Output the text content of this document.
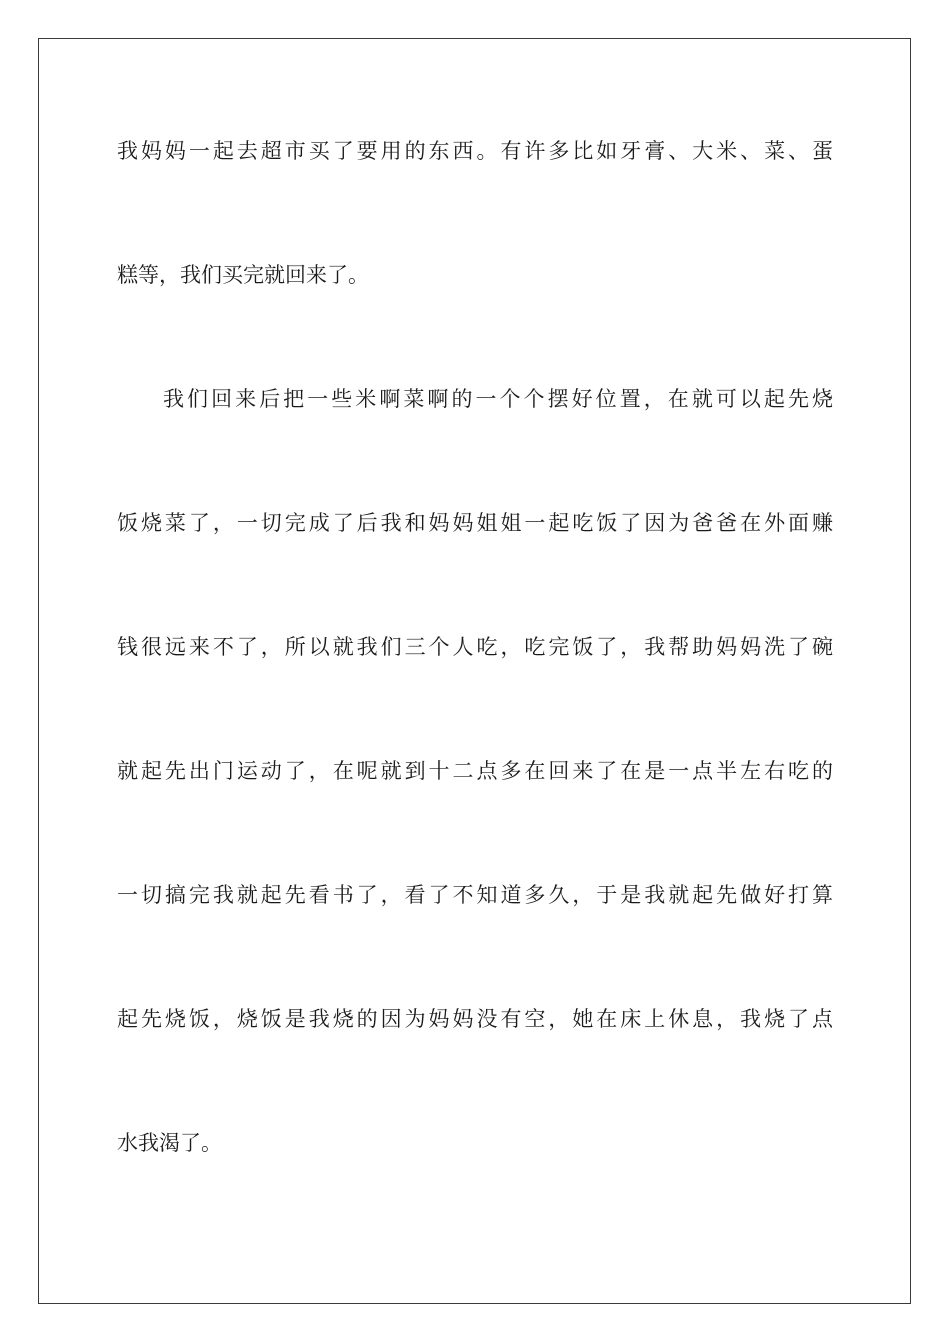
我妈妈一起去超市买了要用的东西。有许多比如牙膏、大米、菜、蛋
糕等，我们买完就回来了。
我们回来后把一些米啊菜啊的一个个摆好位置，在就可以起先烧
饭烧菜了，一切完成了后我和妈妈姐姐一起吃饭了因为爸爸在外面赚
钱很远来不了，所以就我们三个人吃，吃完饭了，我帮助妈妈洗了碗
就起先出门运动了，在呢就到十二点多在回来了在是一点半左右吃的
一切搞完我就起先看书了，看了不知道多久，于是我就起先做好打算
起先烧饭，烧饭是我烧的因为妈妈没有空，她在床上休息，我烧了点
水我渴了。
